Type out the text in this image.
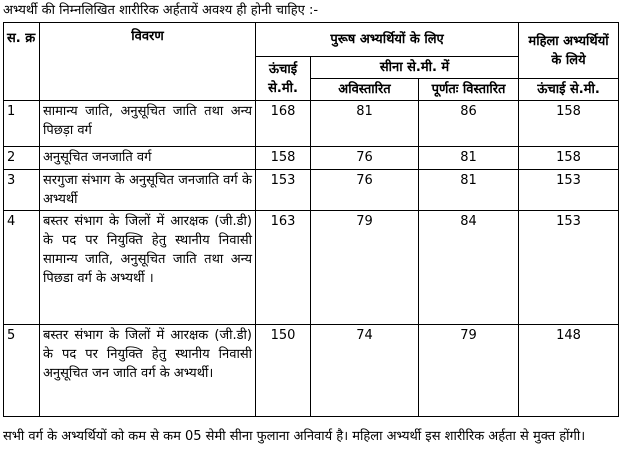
अभ्यर्थी की निम्नलिखित शारीरिक अर्हतायें अवश्य ही होनी चाहिए :-
स. क्र	विवरण	पुरूष अभ्यर्थियों के लिए			महिला अभ्यर्थियों के लिये
		ऊंचाई से.मी.	सीना से.मी. में		
			अविस्तारित	पूर्णतः विस्तारित	ऊंचाई से.मी.
1	सामान्य जाति, अनुसूचित जाति तथा अन्य पिछड़ा वर्ग	168	81	86	158
2	अनुसूचित जनजाति वर्ग	158	76	81	158
3	सरगुजा संभाग के अनुसूचित जनजाति वर्ग के अभ्यर्थी	153	76	81	153
4	बस्तर संभाग के जिलों में आरक्षक (जी.डी) के पद पर नियुक्ति हेतु स्थानीय निवासी सामान्य जाति, अनुसूचित जाति तथा अन्य पिछडा वर्ग के अभ्यर्थी ।	163	79	84	153
5	बस्तर संभाग के जिलों में आरक्षक (जी.डी) के पद पर नियुक्ति हेतु स्थानीय निवासी अनुसूचित जन जाति वर्ग के अभ्यर्थी।	150	74	79	148
सभी वर्ग के अभ्यर्थियों को कम से कम 05 सेमी सीना फुलाना अनिवार्य है। महिला अभ्यर्थी इस शारीरिक अर्हता से मुक्त होंगी।
